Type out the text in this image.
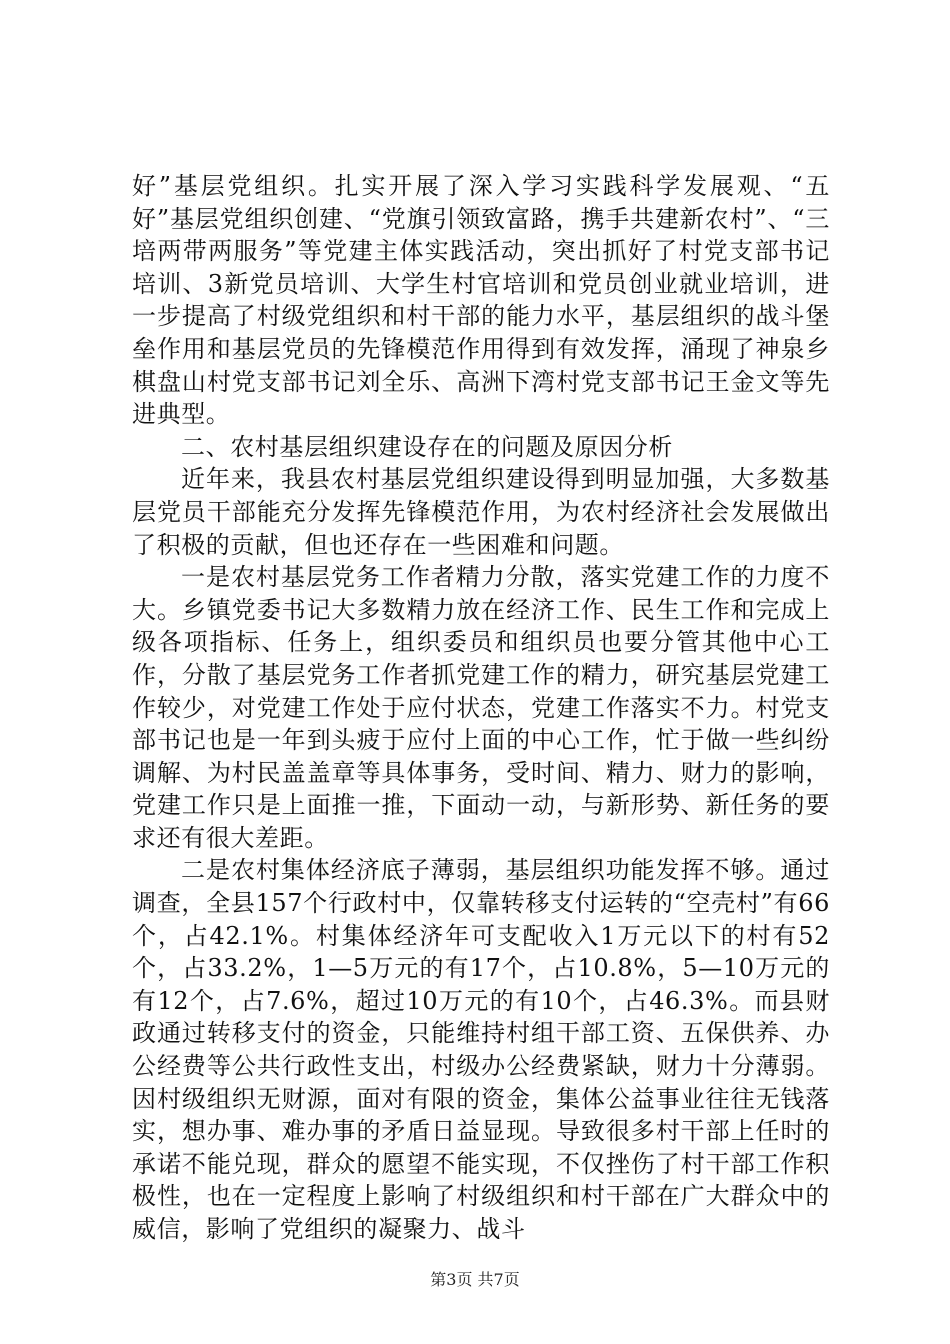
好”基层党组织。扎实开展了深入学习实践科学发展观、“五好”基层党组织创建、“党旗引领致富路，携手共建新农村”、“三培两带两服务”等党建主体实践活动，突出抓好了村党支部书记培训、3新党员培训、大学生村官培训和党员创业就业培训，进一步提高了村级党组织和村干部的能力水平，基层组织的战斗堡垒作用和基层党员的先锋模范作用得到有效发挥，涌现了神泉乡棋盘山村党支部书记刘全乐、高洲下湾村党支部书记王金文等先进典型。

二、农村基层组织建设存在的问题及原因分析

近年来，我县农村基层党组织建设得到明显加强，大多数基层党员干部能充分发挥先锋模范作用，为农村经济社会发展做出了积极的贡献，但也还存在一些困难和问题。

一是农村基层党务工作者精力分散，落实党建工作的力度不大。乡镇党委书记大多数精力放在经济工作、民生工作和完成上级各项指标、任务上，组织委员和组织员也要分管其他中心工作，分散了基层党务工作者抓党建工作的精力，研究基层党建工作较少，对党建工作处于应付状态，党建工作落实不力。村党支部书记也是一年到头疲于应付上面的中心工作，忙于做一些纠纷调解、为村民盖盖章等具体事务，受时间、精力、财力的影响，党建工作只是上面推一推，下面动一动，与新形势、新任务的要求还有很大差距。

二是农村集体经济底子薄弱，基层组织功能发挥不够。通过调查，全县157个行政村中，仅靠转移支付运转的“空壳村”有66个，占42.1%。村集体经济年可支配收入1万元以下的村有52个，占33.2%，1—5万元的有17个，占10.8%，5—10万元的有12个，占7.6%，超过10万元的有10个，占46.3%。而县财政通过转移支付的资金，只能维持村组干部工资、五保供养、办公经费等公共行政性支出，村级办公经费紧缺，财力十分薄弱。因村级组织无财源，面对有限的资金，集体公益事业往往无钱落实，想办事、难办事的矛盾日益显现。导致很多村干部上任时的承诺不能兑现，群众的愿望不能实现，不仅挫伤了村干部工作积极性，也在一定程度上影响了村级组织和村干部在广大群众中的威信，影响了党组织的凝聚力、战斗

第3页 共7页
